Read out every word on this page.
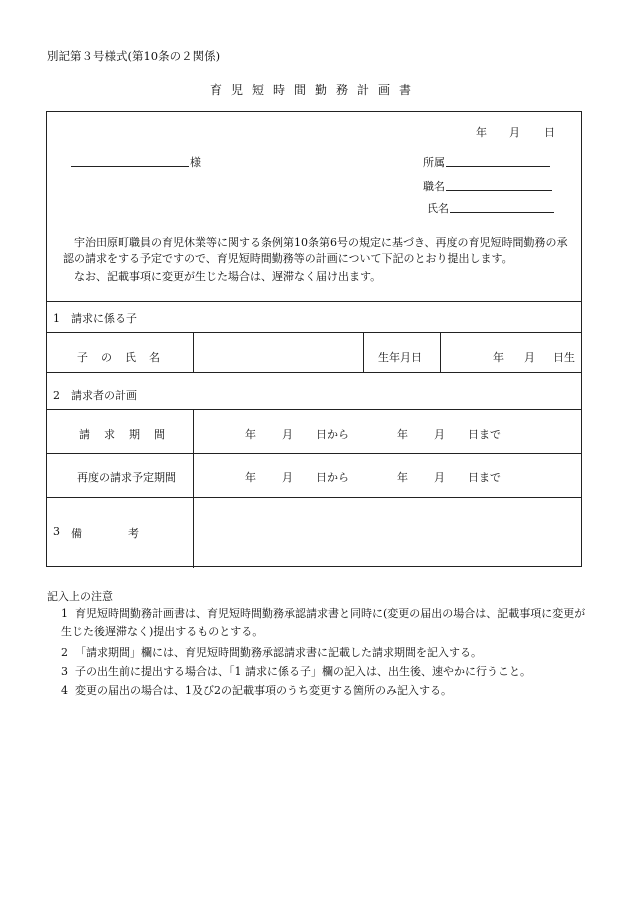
別記第３号様式(第10条の２関係)
育児短時間勤務計画書
年 月 日
様	所属
職名
氏名
宇治田原町職員の育児休業等に関する条例第10条第6号の規定に基づき、再度の育児短時間勤務の承認の請求をする予定ですので、育児短時間勤務等の計画について下記のとおり提出します。
なお、記載事項に変更が生じた場合は、遅滞なく届け出ます。
1　請求に係る子
子の氏名	生年月日	年 月 日生
2　請求者の計画
請求期間	年 月 日から	年 月 日まで
再度の請求予定期間	年 月 日から	年 月 日まで
3 備考
記入上の注意
1 育児短時間勤務計画書は、育児短時間勤務承認請求書と同時に(変更の届出の場合は、記載事項に変更が生じた後遅滞なく)提出するものとする。
2 「請求期間」欄には、育児短時間勤務承認請求書に記載した請求期間を記入する。
3 子の出生前に提出する場合は、「1 請求に係る子」欄の記入は、出生後、速やかに行うこと。
4 変更の届出の場合は、1及び2の記載事項のうち変更する箇所のみ記入する。
